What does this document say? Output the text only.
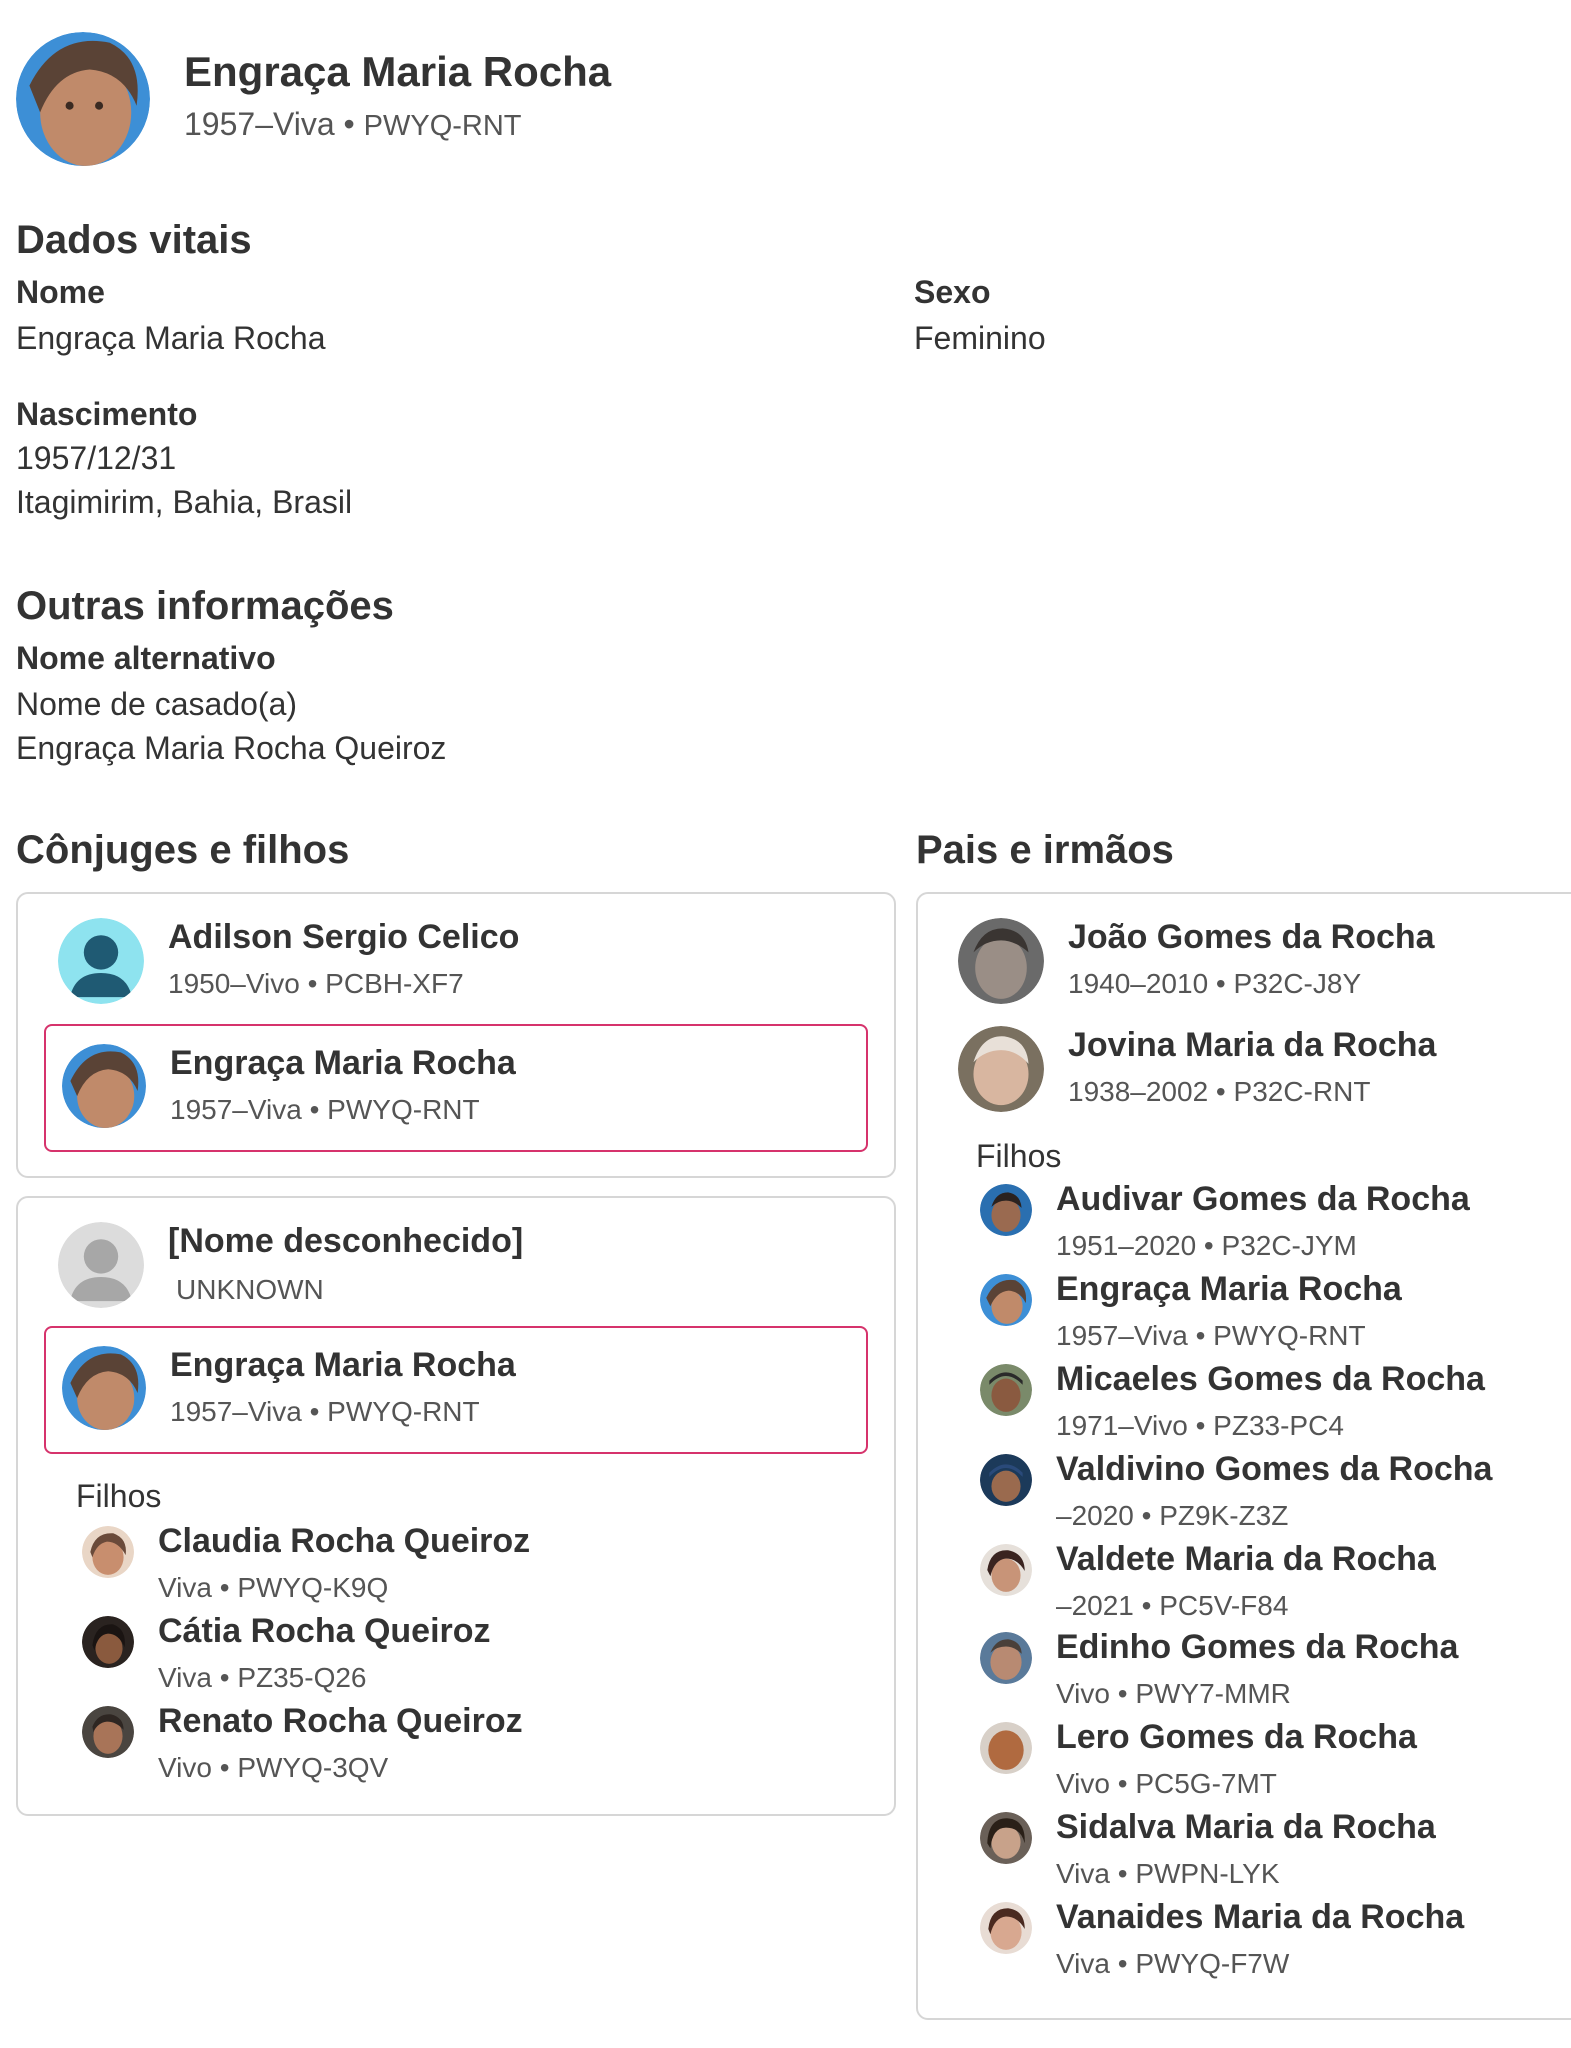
Engraça Maria Rocha
1957–Viva • PWYQ-RNT
Dados vitais
Nome
Engraça Maria Rocha
Sexo
Feminino
Nascimento
1957/12/31
Itagimirim, Bahia, Brasil
Outras informações
Nome alternativo
Nome de casado(a)
Engraça Maria Rocha Queiroz
Cônjuges e filhos
Adilson Sergio Celico
1950–Vivo • PCBH-XF7
Engraça Maria Rocha
1957–Viva • PWYQ-RNT
[Nome desconhecido]
UNKNOWN
Engraça Maria Rocha
1957–Viva • PWYQ-RNT
Filhos
Claudia Rocha Queiroz
Viva • PWYQ-K9Q
Cátia Rocha Queiroz
Viva • PZ35-Q26
Renato Rocha Queiroz
Vivo • PWYQ-3QV
Pais e irmãos
João Gomes da Rocha
1940–2010 • P32C-J8Y
Jovina Maria da Rocha
1938–2002 • P32C-RNT
Filhos
Audivar Gomes da Rocha
1951–2020 • P32C-JYM
Engraça Maria Rocha
1957–Viva • PWYQ-RNT
Micaeles Gomes da Rocha
1971–Vivo • PZ33-PC4
Valdivino Gomes da Rocha
–2020 • PZ9K-Z3Z
Valdete Maria da Rocha
–2021 • PC5V-F84
Edinho Gomes da Rocha
Vivo • PWY7-MMR
Lero Gomes da Rocha
Vivo • PC5G-7MT
Sidalva Maria da Rocha
Viva • PWPN-LYK
Vanaides Maria da Rocha
Viva • PWYQ-F7W
